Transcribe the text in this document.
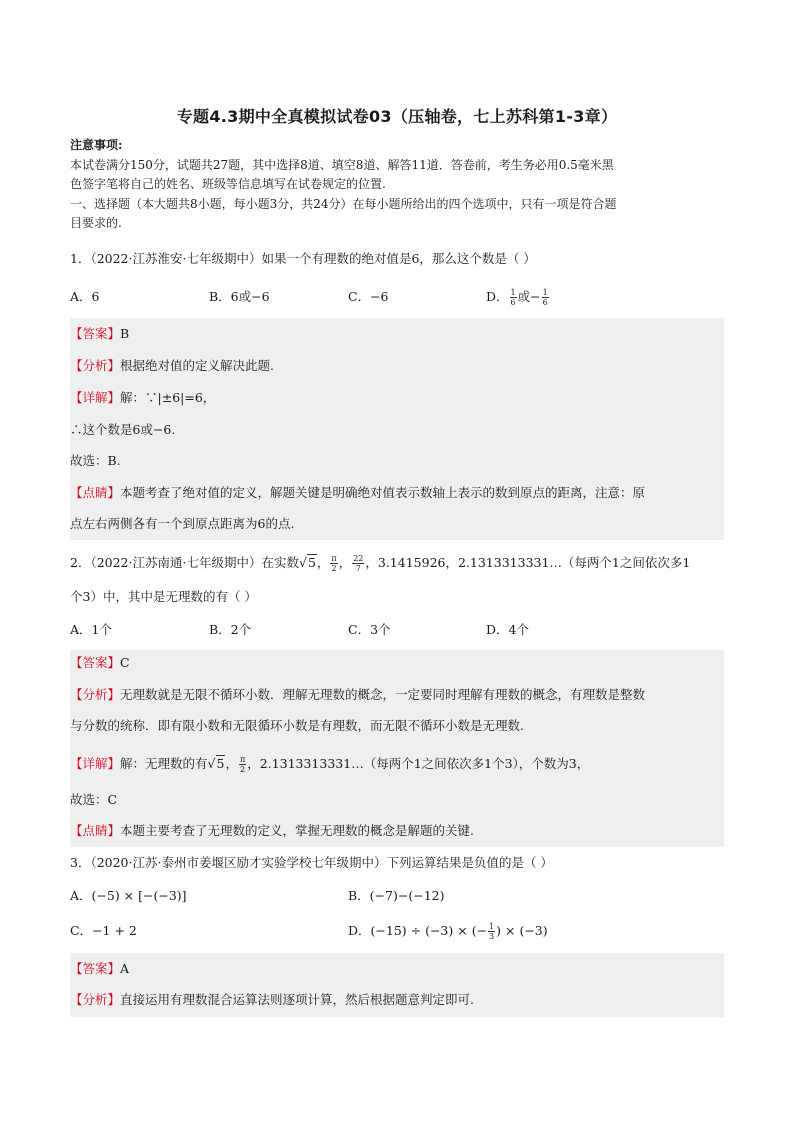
专题4.3期中全真模拟试卷03（压轴卷，七上苏科第1-3章）
注意事项:
本试卷满分150分，试题共27题，其中选择8道、填空8道、解答11道．答卷前，考生务必用0.5毫米黑
色签字笔将自己的姓名、班级等信息填写在试卷规定的位置.
一、选择题（本大题共8小题，每小题3分，共24分）在每小题所给出的四个选项中，只有一项是符合题
目要求的.
1．（2022·江苏淮安·七年级期中）如果一个有理数的绝对值是6，那么这个数是（ ）
A．6	B．6或−6	C．−6	D． $\frac{1}{6}$ 或− $\frac{1}{6}$
【答案】B
【分析】根据绝对值的定义解决此题.
【详解】解：∵|±6|=6，
∴这个数是6或−6.
故选：B.
【点睛】本题考查了绝对值的定义，解题关键是明确绝对值表示数轴上表示的数到原点的距离，注意：原
点左右两侧各有一个到原点距离为6的点.
2．（2022·江苏南通·七年级期中）在实数√5， $\frac{\pi}{2}$ ， $\frac{22}{7}$ ，3.1415926，2.1313313331…（每两个1之间依次多1
个3）中，其中是无理数的有（ ）
A．1个	B．2个	C．3个	D．4个
【答案】C
【分析】无理数就是无限不循环小数．理解无理数的概念，一定要同时理解有理数的概念，有理数是整数
与分数的统称．即有限小数和无限循环小数是有理数，而无限不循环小数是无理数.
【详解】解：无理数的有√5， $\frac{\pi}{2}$ ，2.1313313331…（每两个1之间依次多1个3），个数为3，
故选：C
【点睛】本题主要考查了无理数的定义，掌握无理数的概念是解题的关键.
3．（2020·江苏·泰州市姜堰区励才实验学校七年级期中）下列运算结果是负值的是（ ）
A．(−5) × [−(−3)]	B．(−7)−(−12)
C．−1 + 2	D．(−15) ÷ (−3) × (− $\frac{1}{3}$ ) × (−3)
【答案】A
【分析】直接运用有理数混合运算法则逐项计算，然后根据题意判定即可.
